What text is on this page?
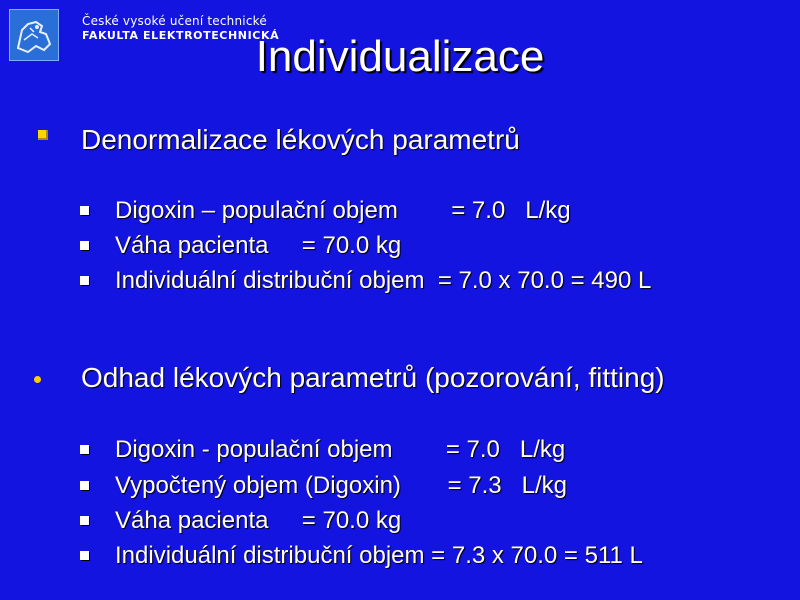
České vysoké učení technické
FAKULTA ELEKTROTECHNICKÁ
Individualizace
Denormalizace lékových parametrů
Digoxin – populační objem        = 7.0   L/kg
Váha pacienta     = 70.0 kg
Individuální distribuční objem  = 7.0 x 70.0 = 490 L
Odhad lékových parametrů (pozorování, fitting)
Digoxin - populační objem        = 7.0   L/kg
Vypočtený objem (Digoxin)       = 7.3   L/kg
Váha pacienta     = 70.0 kg
Individuální distribuční objem = 7.3 x 70.0 = 511 L
